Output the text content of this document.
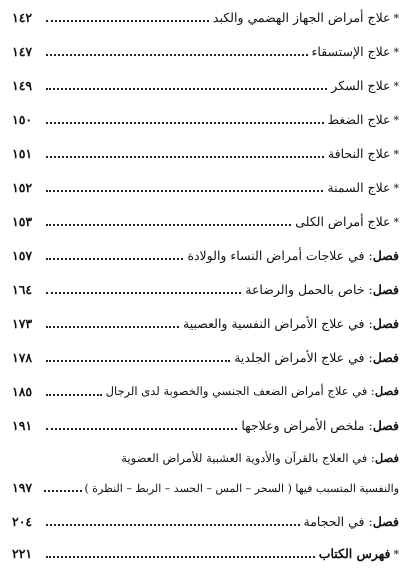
*علاج أمراض الجهاز الهضمي والكبد
١٤٢
*علاج الإستسقاء
١٤٧
*علاج السكر
١٤٩
*علاج الضغط
١٥٠
*علاج النحافة
١٥١
*علاج السمنة
١٥٢
*علاج أمراض الكلى
١٥٣
فصل: في علاجات أمراض النساء والولادة
١٥٧
فصل: خاص بالحمل والرضاعة
١٦٤
فصل: في علاج الأمراض النفسية والعصبية
١٧٣
فصل: في علاج الأمراض الجلدية
١٧٨
فصل: في علاج أمراض الضعف الجنسي والخصوبة لدى الرجال
١٨٥
فصل: ملخص الأمراض وعلاجها
١٩١
فصل
: في العلاج بالقرآن والأدوية العشبية للأمراض العضوية
والنفسية المتسبب فيها ( السحر – المس – الحسد – الربط – النظرة )
١٩٧
فصل: في الحجامة
٢٠٤
*فهرس الكتاب
٢٢١
